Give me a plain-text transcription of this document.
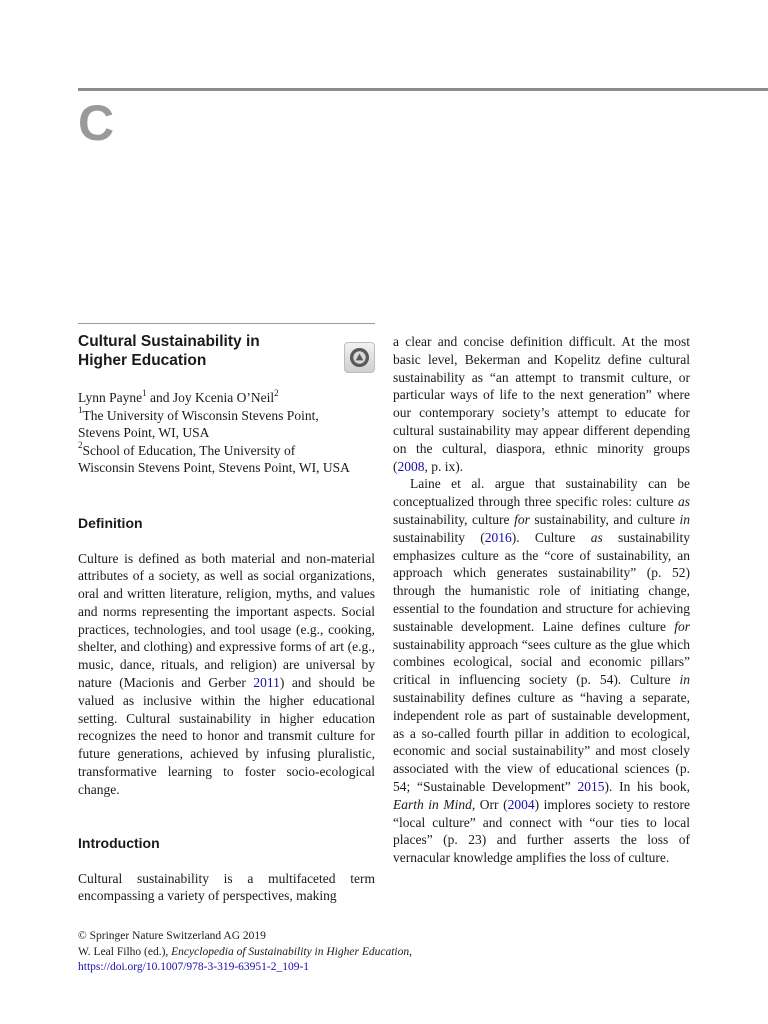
C
Cultural Sustainability in
Higher Education
Lynn Payne$^1$ and Joy Kcenia O’Neil$^2$
$^1$The University of Wisconsin Stevens Point,
Stevens Point, WI, USA
$^2$School of Education, The University of
Wisconsin Stevens Point, Stevens Point, WI, USA
Definition

Culture is defined as both material and non-material attributes of a society, as well as social organizations, oral and written literature, religion, myths, and values and norms representing the important aspects. Social practices, technologies, and tool usage (e.g., cooking, shelter, and clothing) and expressive forms of art (e.g., music, dance, rituals, and religion) are universal by nature (Macionis and Gerber 2011) and should be valued as inclusive within the higher educational setting. Cultural sustainability in higher education recognizes the need to honor and transmit culture for future generations, achieved by infusing pluralistic, transformative learning to foster socio-ecological change.

Introduction

Cultural sustainability is a multifaceted term encompassing a variety of perspectives, making

a clear and concise definition difficult. At the most basic level, Bekerman and Kopelitz define cultural sustainability as “an attempt to transmit culture, or particular ways of life to the next generation” where our contemporary society’s attempt to educate for cultural sustainability may appear different depending on the cultural, diaspora, ethnic minority groups (2008, p. ix).

Laine et al. argue that sustainability can be conceptualized through three specific roles: culture as sustainability, culture for sustainability, and culture in sustainability (2016). Culture as sustainability emphasizes culture as the “core of sustainability, an approach which generates sustainability” (p. 52) through the humanistic role of initiating change, essential to the foundation and structure for achieving sustainable development. Laine defines culture for sustainability approach “sees culture as the glue which combines ecological, social and economic pillars” critical in influencing society (p. 54). Culture in sustainability defines culture as “having a separate, independent role as part of sustainable development, as a so-called fourth pillar in addition to ecological, economic and social sustainability” and most closely associated with the view of educational sciences (p. 54; “Sustainable Development” 2015). In his book, Earth in Mind, Orr (2004) implores society to restore “local culture” and connect with “our ties to local places” (p. 23) and further asserts the loss of vernacular knowledge amplifies the loss of culture.

© Springer Nature Switzerland AG 2019
W. Leal Filho (ed.), Encyclopedia of Sustainability in Higher Education,
https://doi.org/10.1007/978-3-319-63951-2_109-1
